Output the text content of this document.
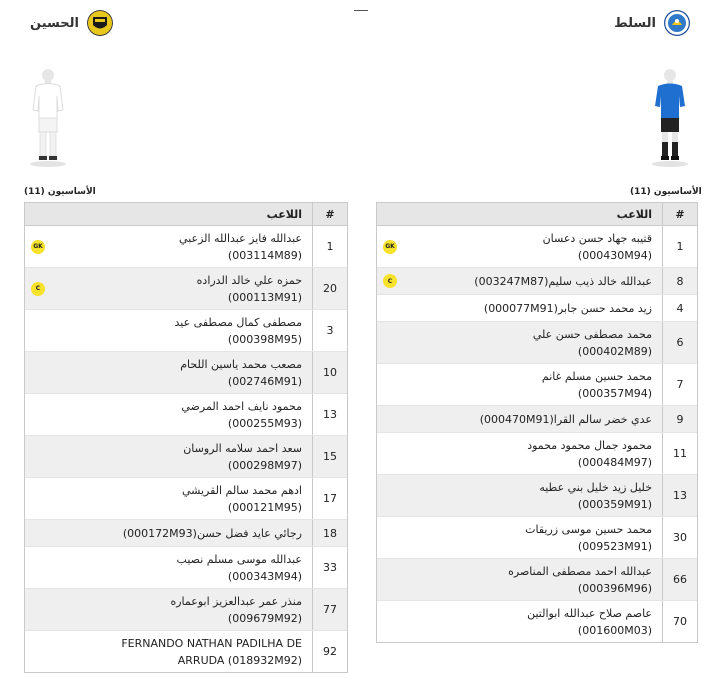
الحسين	السلط
الأساسيون (11)	الأساسيون (11)
#
اللاعب
1
عبدالله فايز عبدالله الزعبي
(003114M89)
GK
20
حمزه علي خالد الدراده
(000113M91)
C
3
مصطفى كمال مصطفى عيد
(000398M95)
10
مصعب محمد ياسين اللحام
(002746M91)
13
محمود نايف احمد المرضي
(000255M93)
15
سعد احمد سلامه الروسان
(000298M97)
17
ادهم محمد سالم القريشي
(000121M95)
18
رجائي عايد فضل حسن(000172M93)
33
عبدالله موسى مسلم نصيب
(000343M94)
77
منذر عمر عبدالعزيز ابوعماره
(009679M92)
92
FERNANDO NATHAN PADILHA DE
ARRUDA (018932M92)
#
اللاعب
1
قتيبه جهاد حسن دعسان
(000430M94)
GK
8
عبدالله خالد ذيب سليم(003247M87)
C
4
زيد محمد حسن جابر(000077M91)
6
محمد مصطفى حسن علي
(000402M89)
7
محمد حسين مسلم غانم
(000357M94)
9
عدي خضر سالم القرا(000470M91)
11
محمود جمال محمود محمود
(000484M97)
13
خليل زيد خليل بني عطيه
(000359M91)
30
محمد حسين موسى زريقات
(009523M91)
66
عبدالله احمد مصطفى المناصره
(000396M96)
70
عاصم صلاح عبدالله ابوالتين
(001600M03)
